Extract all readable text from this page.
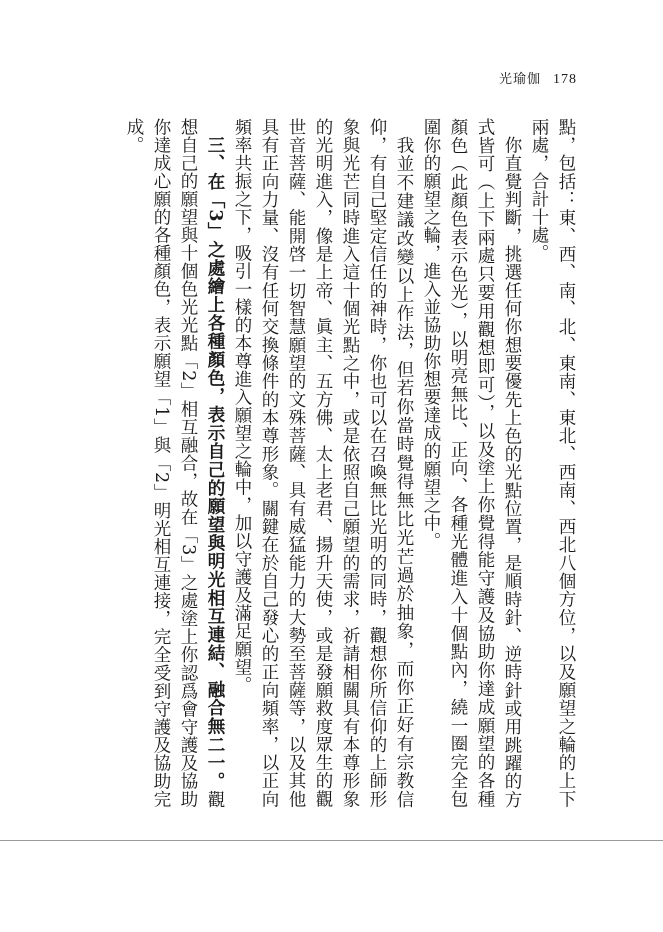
光瑜伽 178

點，包括：東、西、南、北、東南、東北、西南、西北八個方位，以及願望之輪的上下兩處，合計十處。

你直覺判斷，挑選任何你想要優先上色的光點位置，是順時針、逆時針或用跳躍的方式皆可（上下兩處只要用觀想即可），以及塗上你覺得能守護及協助你達成願望的各種顏色（此顏色表示色光），以明亮無比、正向、各種光體進入十個點內，繞一圈完全包圍你的願望之輪，進入並協助你想要達成的願望之中。

我並不建議改變以上作法，但若你當時覺得無比光芒過於抽象，而你正好有宗教信仰，有自己堅定信任的神時，你也可以在召喚無比光明的同時，觀想你所信仰的上師形象與光芒同時進入這十個光點之中，或是依照自己願望的需求，祈請相關具有本尊形象的光明進入，像是上帝、眞主、五方佛、太上老君、揚升天使，或是發願救度眾生的觀世音菩薩、能開啓一切智慧願望的文殊菩薩、具有威猛能力的大勢至菩薩等，以及其他具有正向力量、沒有任何交換條件的本尊形象。關鍵在於自己發心的正向頻率，以正向頻率共振之下，吸引一樣的本尊進入願望之輪中，加以守護及滿足願望。

三、在「3」之處繪上各種顏色，表示自己的願望與明光相互連結、融合無二一。觀想自己的願望與十個色光光點「2」相互融合，故在「3」之處塗上你認爲會守護及協助你達成心願的各種顏色，表示願望「1」與「2」明光相互連接，完全受到守護及協助完成。
